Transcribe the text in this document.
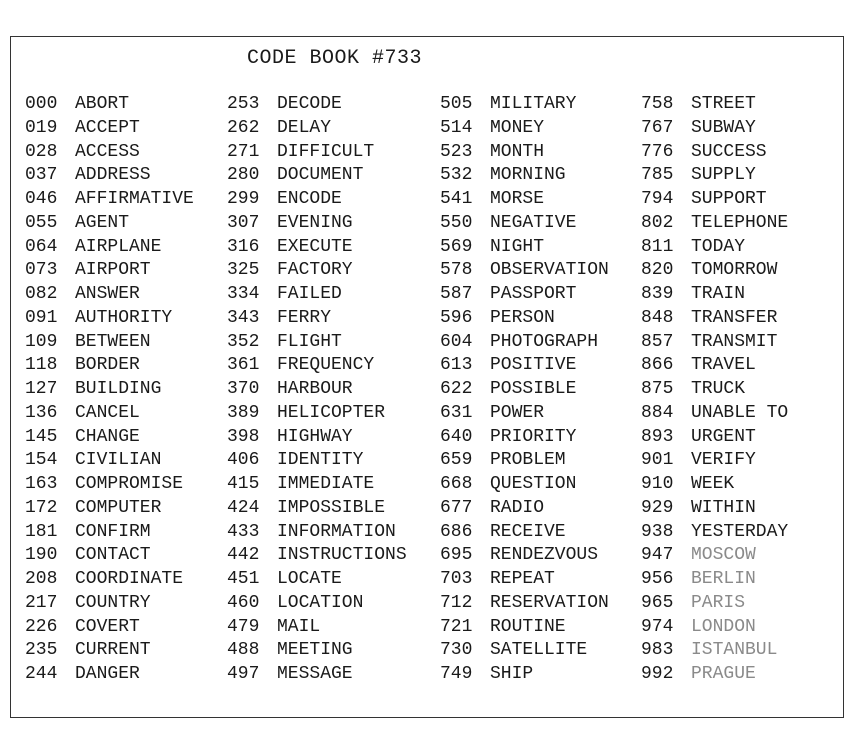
CODE BOOK #733
000 ABORT
019 ACCEPT
028 ACCESS
037 ADDRESS
046 AFFIRMATIVE
055 AGENT
064 AIRPLANE
073 AIRPORT
082 ANSWER
091 AUTHORITY
109 BETWEEN
118 BORDER
127 BUILDING
136 CANCEL
145 CHANGE
154 CIVILIAN
163 COMPROMISE
172 COMPUTER
181 CONFIRM
190 CONTACT
208 COORDINATE
217 COUNTRY
226 COVERT
235 CURRENT
244 DANGER
253 DECODE
262 DELAY
271 DIFFICULT
280 DOCUMENT
299 ENCODE
307 EVENING
316 EXECUTE
325 FACTORY
334 FAILED
343 FERRY
352 FLIGHT
361 FREQUENCY
370 HARBOUR
389 HELICOPTER
398 HIGHWAY
406 IDENTITY
415 IMMEDIATE
424 IMPOSSIBLE
433 INFORMATION
442 INSTRUCTIONS
451 LOCATE
460 LOCATION
479 MAIL
488 MEETING
497 MESSAGE
505 MILITARY
514 MONEY
523 MONTH
532 MORNING
541 MORSE
550 NEGATIVE
569 NIGHT
578 OBSERVATION
587 PASSPORT
596 PERSON
604 PHOTOGRAPH
613 POSITIVE
622 POSSIBLE
631 POWER
640 PRIORITY
659 PROBLEM
668 QUESTION
677 RADIO
686 RECEIVE
695 RENDEZVOUS
703 REPEAT
712 RESERVATION
721 ROUTINE
730 SATELLITE
749 SHIP
758 STREET
767 SUBWAY
776 SUCCESS
785 SUPPLY
794 SUPPORT
802 TELEPHONE
811 TODAY
820 TOMORROW
839 TRAIN
848 TRANSFER
857 TRANSMIT
866 TRAVEL
875 TRUCK
884 UNABLE TO
893 URGENT
901 VERIFY
910 WEEK
929 WITHIN
938 YESTERDAY
947 MOSCOW
956 BERLIN
965 PARIS
974 LONDON
983 ISTANBUL
992 PRAGUE
